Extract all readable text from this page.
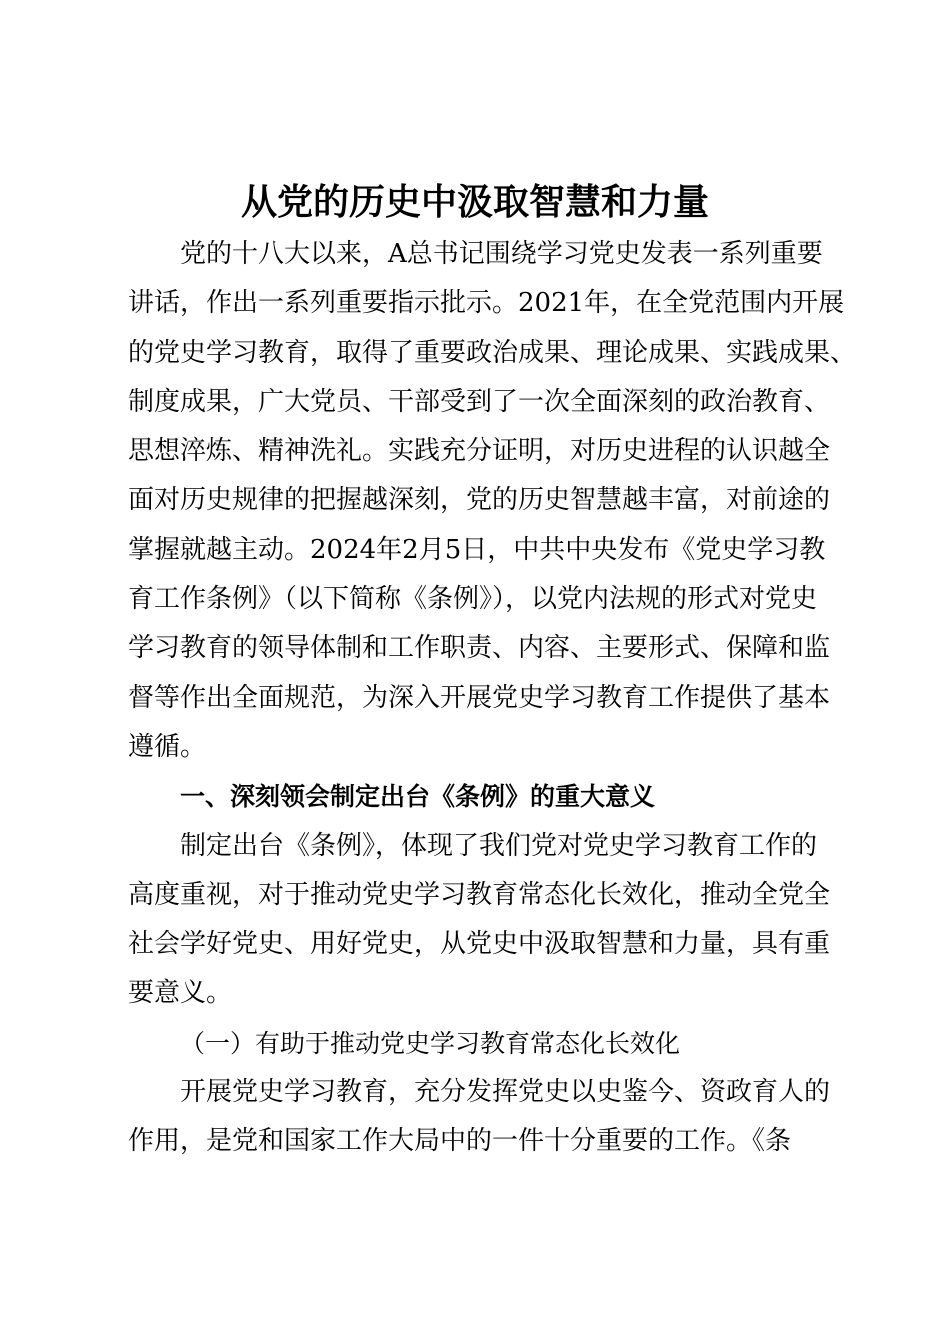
从党的历史中汲取智慧和力量
党的十八大以来，A总书记围绕学习党史发表一系列重要
讲话，作出一系列重要指示批示。2021年，在全党范围内开展
的党史学习教育，取得了重要政治成果、理论成果、实践成果、
制度成果，广大党员、干部受到了一次全面深刻的政治教育、
思想淬炼、精神洗礼。实践充分证明，对历史进程的认识越全
面对历史规律的把握越深刻，党的历史智慧越丰富，对前途的
掌握就越主动。2024年2月5日，中共中央发布《党史学习教
育工作条例》（以下简称《条例》），以党内法规的形式对党史
学习教育的领导体制和工作职责、内容、主要形式、保障和监
督等作出全面规范，为深入开展党史学习教育工作提供了基本
遵循。
一、深刻领会制定出台《条例》的重大意义
制定出台《条例》，体现了我们党对党史学习教育工作的
高度重视，对于推动党史学习教育常态化长效化，推动全党全
社会学好党史、用好党史，从党史中汲取智慧和力量，具有重
要意义。
（一）有助于推动党史学习教育常态化长效化
开展党史学习教育，充分发挥党史以史鉴今、资政育人的
作用，是党和国家工作大局中的一件十分重要的工作。《条
